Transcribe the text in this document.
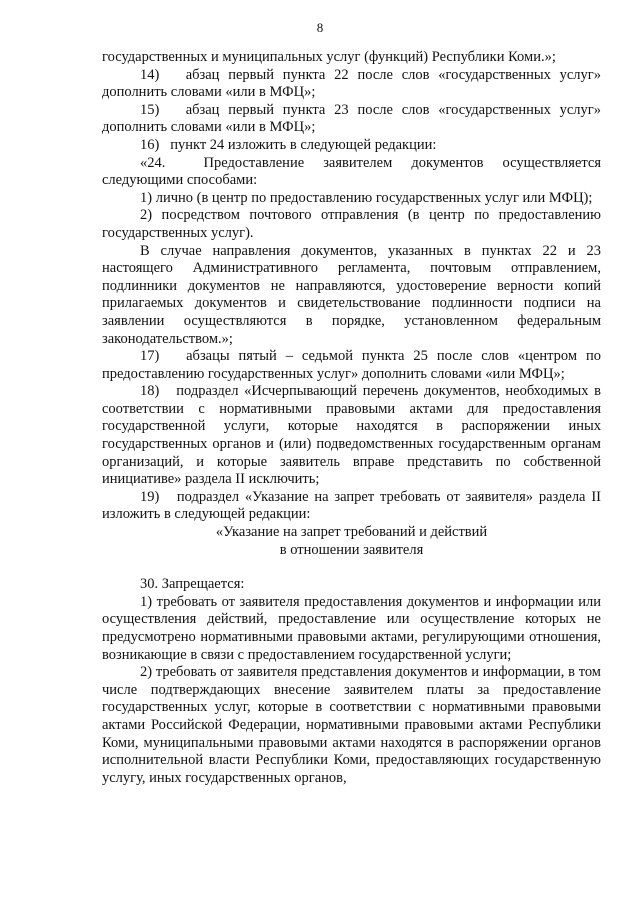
8

государственных и муниципальных услуг (функций) Республики Коми.»;

14)   абзац первый пункта 22 после слов «государственных услуг» дополнить словами «или в МФЦ»;

15)   абзац первый пункта 23 после слов «государственных услуг» дополнить словами «или в МФЦ»;

16)   пункт 24 изложить в следующей редакции:

«24.  Предоставление заявителем документов осуществляется следующими способами:

1) лично (в центр по предоставлению государственных услуг или МФЦ);

2) посредством почтового отправления (в центр по предоставлению государственных услуг).

В случае направления документов, указанных в пунктах 22 и 23 настоящего Административного регламента, почтовым отправлением, подлинники документов не направляются, удостоверение верности копий прилагаемых документов и свидетельствование подлинности подписи на заявлении осуществляются в порядке, установленном федеральным законодательством.»;

17)   абзацы пятый – седьмой пункта 25 после слов «центром по предоставлению государственных услуг» дополнить словами «или МФЦ»;

18)   подраздел «Исчерпывающий перечень документов, необходимых в соответствии с нормативными правовыми актами для предоставления государственной услуги, которые находятся в распоряжении иных государственных органов и (или) подведомственных государственным органам организаций, и которые заявитель вправе представить по собственной инициативе» раздела II исключить;

19)   подраздел «Указание на запрет требовать от заявителя» раздела II изложить в следующей редакции:

«Указание на запрет требований и действий

в отношении заявителя

30. Запрещается:

1) требовать от заявителя предоставления документов и информации или осуществления действий, предоставление или осуществление которых не предусмотрено нормативными правовыми актами, регулирующими отношения, возникающие в связи с предоставлением государственной услуги;

2) требовать от заявителя представления документов и информации, в том числе подтверждающих внесение заявителем платы за предоставление государственных услуг, которые в соответствии с нормативными правовыми актами Российской Федерации, нормативными правовыми актами Республики Коми, муниципальными правовыми актами находятся в распоряжении органов исполнительной власти Республики Коми, предоставляющих государственную услугу, иных государственных органов,
